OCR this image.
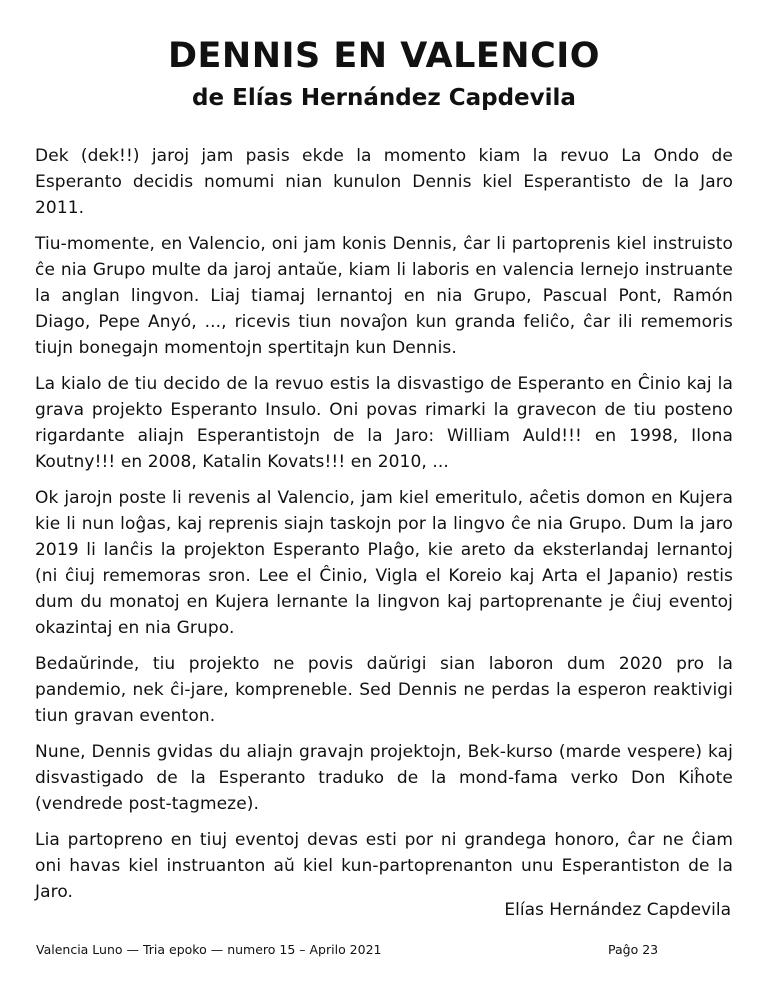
DENNIS EN VALENCIO
de Elías Hernández Capdevila

Dek (dek!!) jaroj jam pasis ekde la momento kiam la revuo La Ondo de Esperanto decidis nomumi nian kunulon Dennis kiel Esperantisto de la Jaro 2011.

Tiu-momente, en Valencio, oni jam konis Dennis, ĉar li partoprenis kiel instruisto ĉe nia Grupo multe da jaroj antaŭe, kiam li laboris en valencia lernejo instruante la anglan lingvon. Liaj tiamaj lernantoj en nia Grupo, Pascual Pont, Ramón Diago, Pepe Anyó, ..., ricevis tiun novaĵon kun granda feliĉo, ĉar ili rememoris tiujn bonegajn momentojn spertitajn kun Dennis.

La kialo de tiu decido de la revuo estis la disvastigo de Esperanto en Ĉinio kaj la grava projekto Esperanto Insulo. Oni povas rimarki la gravecon de tiu posteno rigardante aliajn Esperantistojn de la Jaro: William Auld!!! en 1998, Ilona Koutny!!! en 2008, Katalin Kovats!!! en 2010, ...

Ok jarojn poste li revenis al Valencio, jam kiel emeritulo, aĉetis domon en Kujera kie li nun loĝas, kaj reprenis siajn taskojn por la lingvo ĉe nia Grupo. Dum la jaro 2019 li lanĉis la projekton Esperanto Plaĝo, kie areto da eksterlandaj lernantoj (ni ĉiuj rememoras sron. Lee el Ĉinio, Vigla el Koreio kaj Arta el Japanio) restis dum du monatoj en Kujera lernante la lingvon kaj partoprenante je ĉiuj eventoj okazintaj en nia Grupo.

Bedaŭrinde, tiu projekto ne povis daŭrigi sian laboron dum 2020 pro la pandemio, nek ĉi-jare, kompreneble. Sed Dennis ne perdas la esperon reaktivigi tiun gravan eventon.

Nune, Dennis gvidas du aliajn gravajn projektojn, Bek-kurso (marde vespere) kaj disvastigado de la Esperanto traduko de la mond-fama verko Don Kiĥote (vendrede post-tagmeze).

Lia partopreno en tiuj eventoj devas esti por ni grandega honoro, ĉar ne ĉiam oni havas kiel instruanton aŭ kiel kun-partoprenanton unu Esperantiston de la Jaro.

Elías Hernández Capdevila
Valencia Luno — Tria epoko — numero 15 – Aprilo 2021	Paĝo 23
